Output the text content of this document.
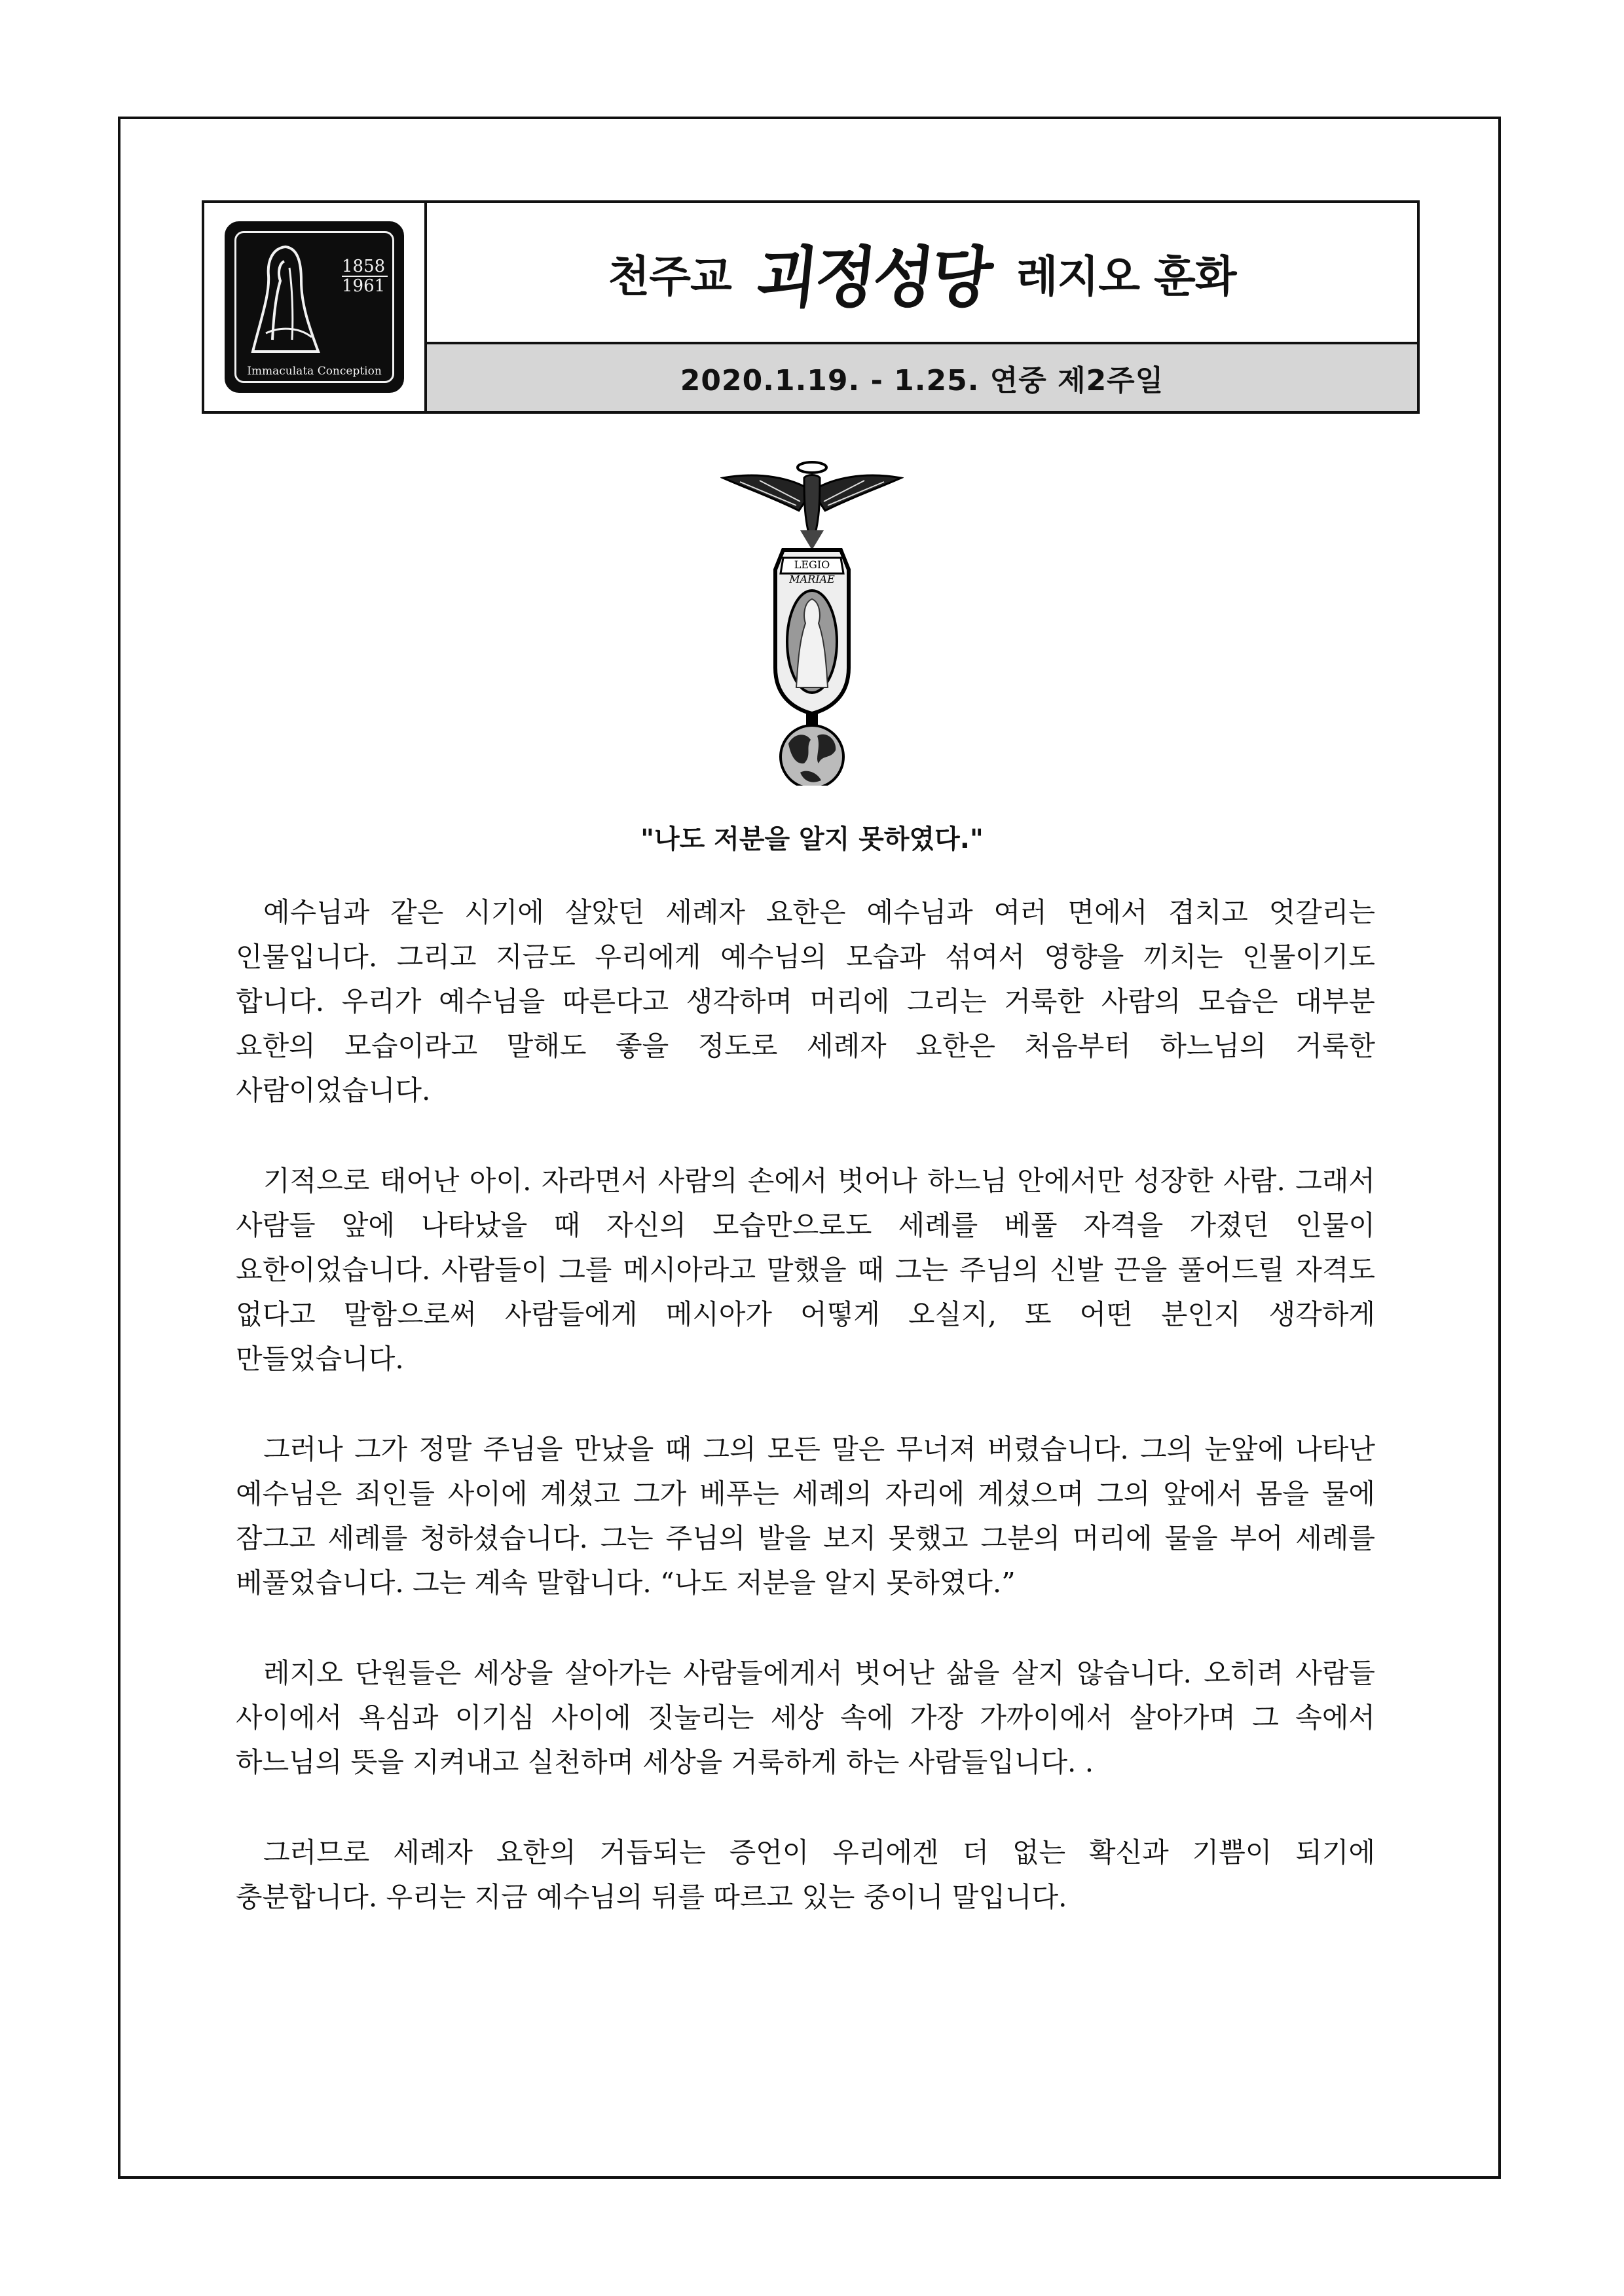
1858
1961
Immaculata Conception
천주교 괴정성당 레지오 훈화
2020.1.19. - 1.25. 연중 제2주일
LEGIO
MARIAE
"나도 저분을 알지 못하였다."

예수님과 같은 시기에 살았던 세례자 요한은 예수님과 여러 면에서 겹치고 엇갈리는 인물입니다. 그리고 지금도 우리에게 예수님의 모습과 섞여서 영향을 끼치는 인물이기도 합니다. 우리가 예수님을 따른다고 생각하며 머리에 그리는 거룩한 사람의 모습은 대부분 요한의 모습이라고 말해도 좋을 정도로 세례자 요한은 처음부터 하느님의 거룩한 사람이었습니다.

기적으로 태어난 아이. 자라면서 사람의 손에서 벗어나 하느님 안에서만 성장한 사람. 그래서 사람들 앞에 나타났을 때 자신의 모습만으로도 세례를 베풀 자격을 가졌던 인물이 요한이었습니다. 사람들이 그를 메시아라고 말했을 때 그는 주님의 신발 끈을 풀어드릴 자격도 없다고 말함으로써 사람들에게 메시아가 어떻게 오실지, 또 어떤 분인지 생각하게 만들었습니다.

그러나 그가 정말 주님을 만났을 때 그의 모든 말은 무너져 버렸습니다. 그의 눈앞에 나타난 예수님은 죄인들 사이에 계셨고 그가 베푸는 세례의 자리에 계셨으며 그의 앞에서 몸을 물에 잠그고 세례를 청하셨습니다. 그는 주님의 발을 보지 못했고 그분의 머리에 물을 부어 세례를 베풀었습니다. 그는 계속 말합니다. “나도 저분을 알지 못하였다.”

레지오 단원들은 세상을 살아가는 사람들에게서 벗어난 삶을 살지 않습니다. 오히려 사람들 사이에서 욕심과 이기심 사이에 짓눌리는 세상 속에 가장 가까이에서 살아가며 그 속에서 하느님의 뜻을 지켜내고 실천하며 세상을 거룩하게 하는 사람들입니다. .

그러므로 세례자 요한의 거듭되는 증언이 우리에겐 더 없는 확신과 기쁨이 되기에 충분합니다. 우리는 지금 예수님의 뒤를 따르고 있는 중이니 말입니다.
